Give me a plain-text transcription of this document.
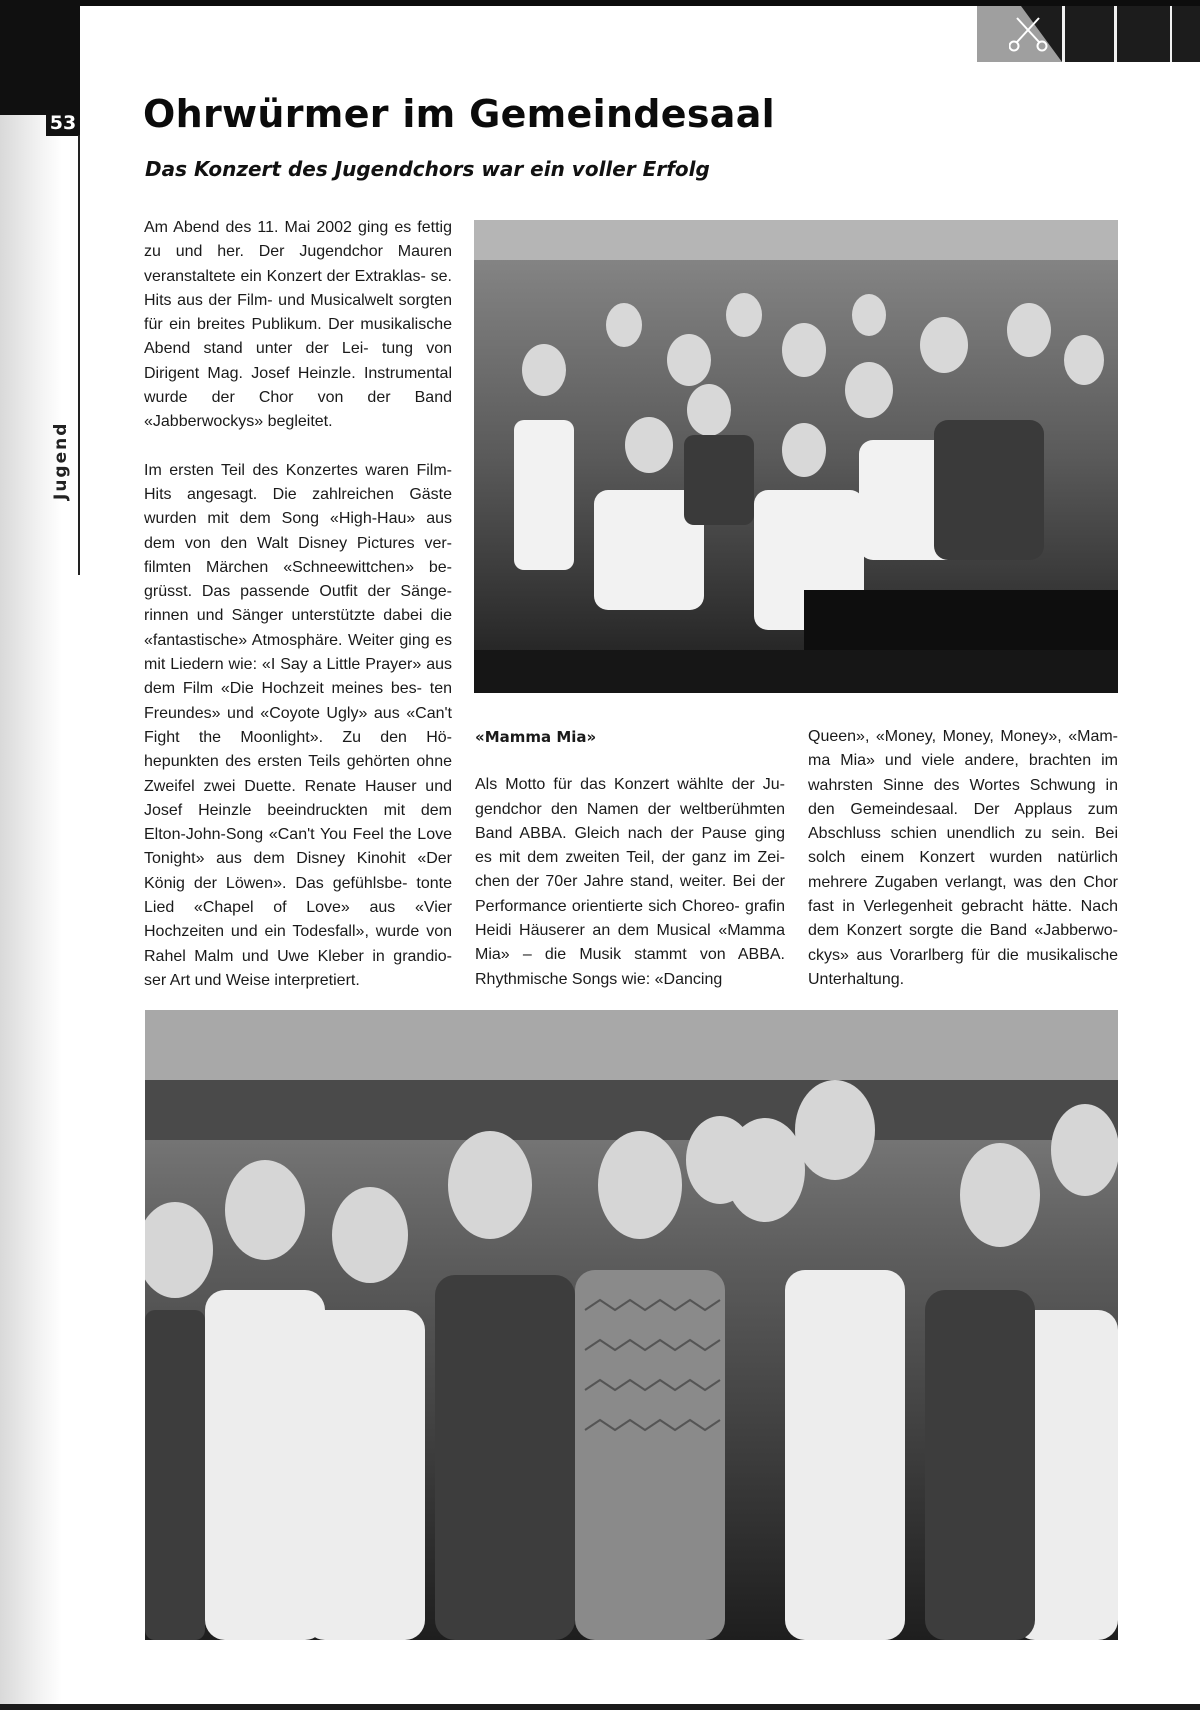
53
Jugend
Ohrwürmer im Gemeindesaal
Das Konzert des Jugendchors war ein voller Erfolg

Am Abend des 11. Mai 2002 ging es fettig zu und her. Der Jugendchor Mauren veranstaltete ein Konzert der Extraklas- se. Hits aus der Film- und Musicalwelt sorgten für ein breites Publikum. Der musikalische Abend stand unter der Lei- tung von Dirigent Mag. Josef Heinzle. Instrumental wurde der Chor von der Band «Jabberwockys» begleitet.

Im ersten Teil des Konzertes waren Film- Hits angesagt. Die zahlreichen Gäste wurden mit dem Song «High-Hau» aus dem von den Walt Disney Pictures ver- filmten Märchen «Schneewittchen» be- grüsst. Das passende Outfit der Sänge- rinnen und Sänger unterstützte dabei die «fantastische» Atmosphäre. Weiter ging es mit Liedern wie: «I Say a Little Prayer» aus dem Film «Die Hochzeit meines bes- ten Freundes» und «Coyote Ugly» aus «Can't Fight the Moonlight». Zu den Hö- hepunkten des ersten Teils gehörten ohne Zweifel zwei Duette. Renate Hauser und Josef Heinzle beeindruckten mit dem Elton-John-Song «Can't You Feel the Love Tonight» aus dem Disney Kinohit «Der König der Löwen». Das gefühlsbe- tonte Lied «Chapel of Love» aus «Vier Hochzeiten und ein Todesfall», wurde von Rahel Malm und Uwe Kleber in grandio- ser Art und Weise interpretiert.

«Mamma Mia»

Als Motto für das Konzert wählte der Ju- gendchor den Namen der weltberühmten Band ABBA. Gleich nach der Pause ging es mit dem zweiten Teil, der ganz im Zei- chen der 70er Jahre stand, weiter. Bei der Performance orientierte sich Choreo- grafin Heidi Häuserer an dem Musical «Mamma Mia» – die Musik stammt von ABBA. Rhythmische Songs wie: «Dancing

Queen», «Money, Money, Money», «Mam- ma Mia» und viele andere, brachten im wahrsten Sinne des Wortes Schwung in den Gemeindesaal. Der Applaus zum Abschluss schien unendlich zu sein. Bei solch einem Konzert wurden natürlich mehrere Zugaben verlangt, was den Chor fast in Verlegenheit gebracht hätte. Nach dem Konzert sorgte die Band «Jabberwo- ckys» aus Vorarlberg für die musikalische Unterhaltung.
